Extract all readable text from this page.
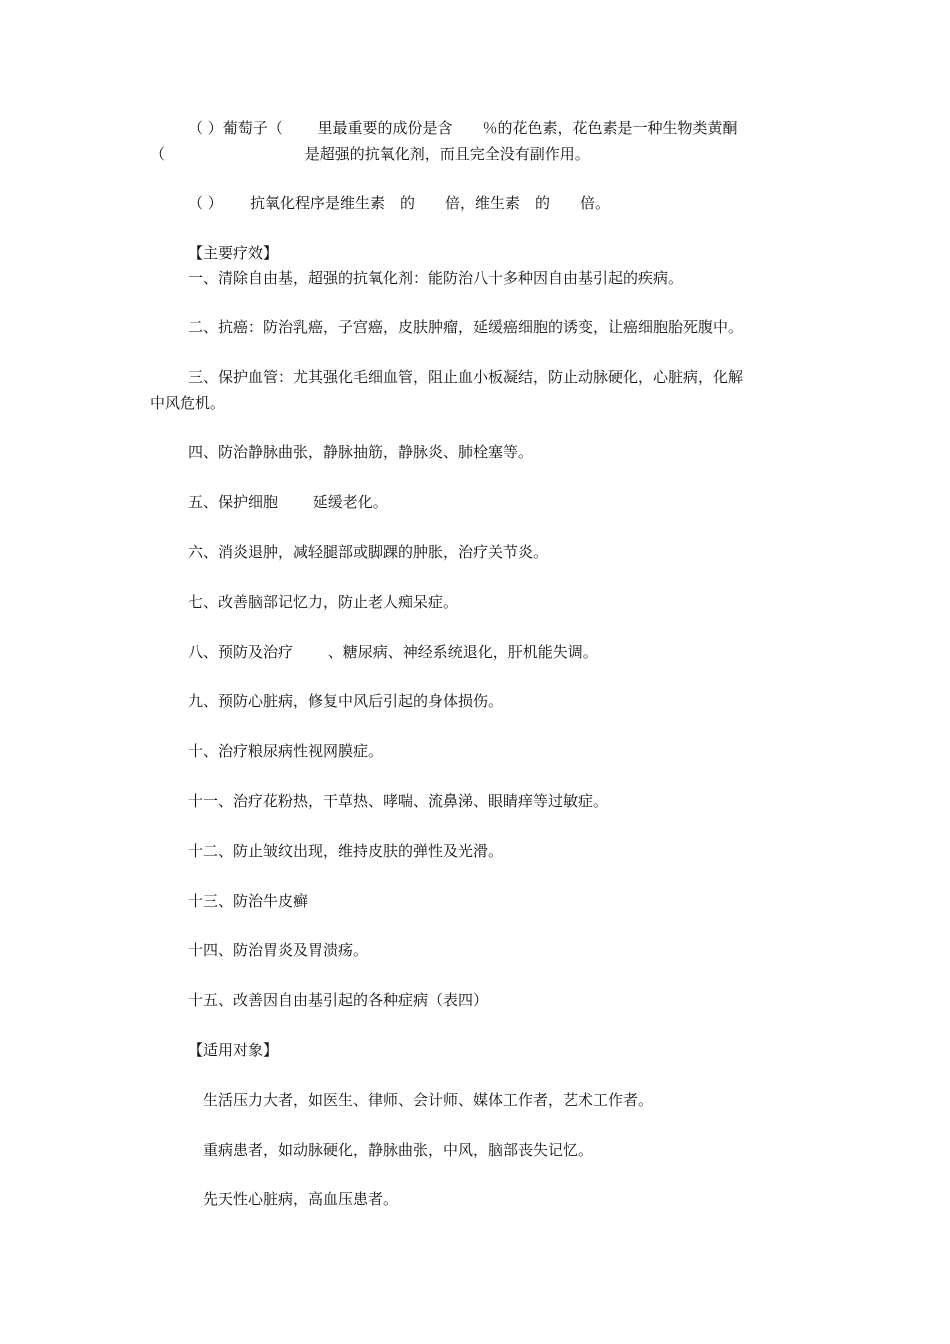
（ ）葡萄子（　　 里最重要的成份是含　　％的花色素，花色素是一种生物类黄酮
（　　　　　　　　　 是超强的抗氧化剂，而且完全没有副作用。
（ ）　　 抗氧化程序是维生素　的　　倍，维生素　的　　倍。
【主要疗效】
一、清除自由基，超强的抗氧化剂：能防治八十多种因自由基引起的疾病。
二、抗癌：防治乳癌，子宫癌，皮肤肿瘤，延缓癌细胞的诱变，让癌细胞胎死腹中。
三、保护血管：尤其强化毛细血管，阻止血小板凝结，防止动脉硬化，心脏病，化解
中风危机。
四、防治静脉曲张，静脉抽筋，静脉炎、肺栓塞等。
五、保护细胞　　 延缓老化。
六、消炎退肿，减轻腿部或脚踝的肿胀，治疗关节炎。
七、改善脑部记忆力，防止老人痴呆症。
八、预防及治疗　　 、糖尿病、神经系统退化，肝机能失调。
九、预防心脏病，修复中风后引起的身体损伤。
十、治疗粮尿病性视网膜症。
十一、治疗花粉热，干草热、哮喘、流鼻涕、眼睛痒等过敏症。
十二、防止皱纹出现，维持皮肤的弹性及光滑。
十三、防治牛皮癣
十四、防治胃炎及胃溃疡。
十五、改善因自由基引起的各种症病（表四）
【适用对象】
生活压力大者，如医生、律师、会计师、媒体工作者，艺术工作者。
重病患者，如动脉硬化，静脉曲张，中风，脑部丧失记忆。
先天性心脏病，高血压患者。
